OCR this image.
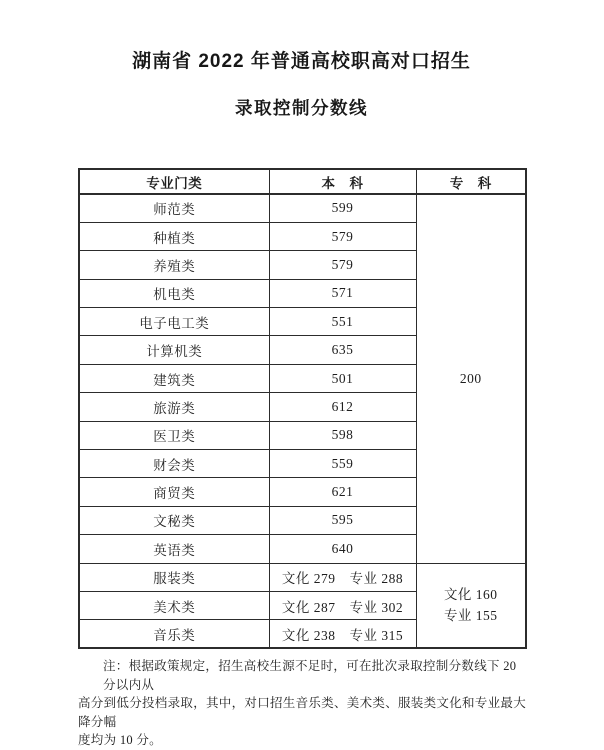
湖南省 2022 年普通高校职高对口招生
录取控制分数线
专业门类	本　科	专　科
师范类	599	200
种植类	579	
养殖类	579	
机电类	571	
电子电工类	551	
计算机类	635	
建筑类	501	
旅游类	612	
医卫类	598	
财会类	559	
商贸类	621	
文秘类	595	
英语类	640	
服装类	文化 279　专业 288	文化 160
专业 155

美术类	文化 287　专业 302	
音乐类	文化 238　专业 315	
注：根据政策规定，招生高校生源不足时，可在批次录取控制分数线下 20 分以内从
高分到低分投档录取，其中，对口招生音乐类、美术类、服装类文化和专业最大降分幅
度均为 10 分。
